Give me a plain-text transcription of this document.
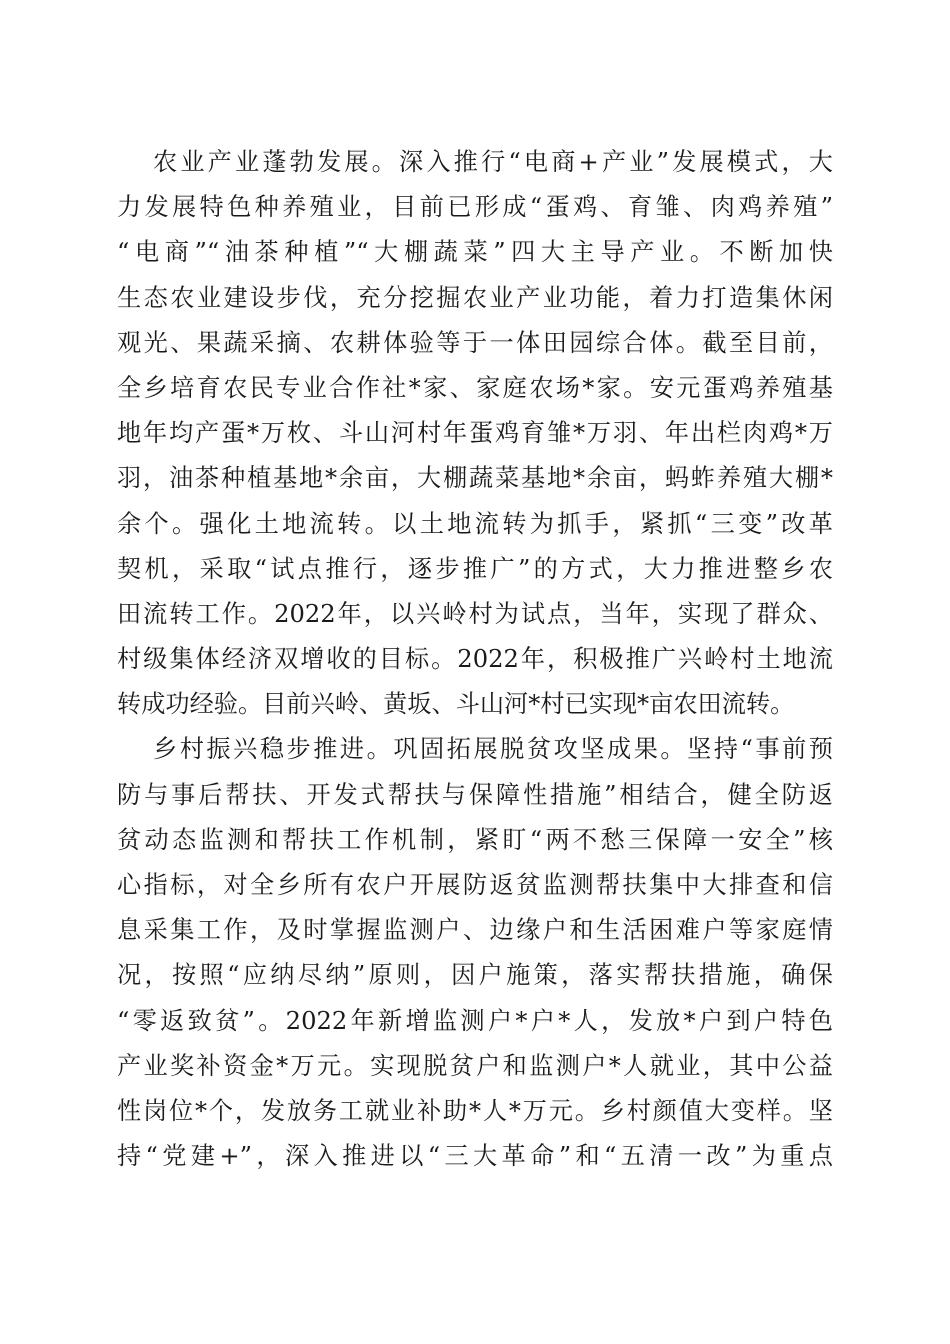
农业产业蓬勃发展。深入推行“电商+产业”发展模式，大
力发展特色种养殖业，目前已形成“蛋鸡、育雏、肉鸡养殖”
“电商”“油茶种植”“大棚蔬菜”四大主导产业。不断加快
生态农业建设步伐，充分挖掘农业产业功能，着力打造集休闲
观光、果蔬采摘、农耕体验等于一体田园综合体。截至目前，
全乡培育农民专业合作社*家、家庭农场*家。安元蛋鸡养殖基
地年均产蛋*万枚、斗山河村年蛋鸡育雏*万羽、年出栏肉鸡*万
羽，油茶种植基地*余亩，大棚蔬菜基地*余亩，蚂蚱养殖大棚*
余个。强化土地流转。以土地流转为抓手，紧抓“三变”改革
契机，采取“试点推行，逐步推广”的方式，大力推进整乡农
田流转工作。2022年，以兴岭村为试点，当年，实现了群众、
村级集体经济双增收的目标。2022年，积极推广兴岭村土地流
转成功经验。目前兴岭、黄坂、斗山河*村已实现*亩农田流转。
乡村振兴稳步推进。巩固拓展脱贫攻坚成果。坚持“事前预
防与事后帮扶、开发式帮扶与保障性措施”相结合，健全防返
贫动态监测和帮扶工作机制，紧盯“两不愁三保障一安全”核
心指标，对全乡所有农户开展防返贫监测帮扶集中大排查和信
息采集工作，及时掌握监测户、边缘户和生活困难户等家庭情
况，按照“应纳尽纳”原则，因户施策，落实帮扶措施，确保
“零返致贫”。2022年新增监测户*户*人，发放*户到户特色
产业奖补资金*万元。实现脱贫户和监测户*人就业，其中公益
性岗位*个，发放务工就业补助*人*万元。乡村颜值大变样。坚
持“党建+”，深入推进以“三大革命”和“五清一改”为重点
